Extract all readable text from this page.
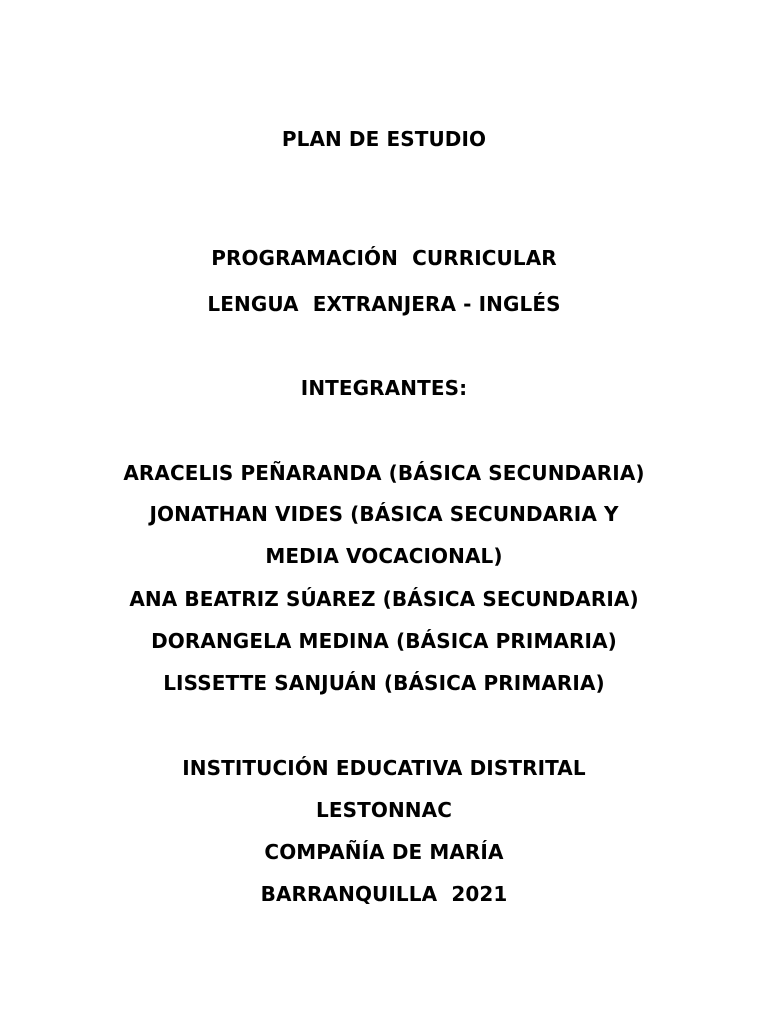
PLAN DE ESTUDIO
PROGRAMACIÓN  CURRICULAR
LENGUA  EXTRANJERA - INGLÉS
INTEGRANTES:
ARACELIS PEÑARANDA (BÁSICA SECUNDARIA)
JONATHAN VIDES (BÁSICA SECUNDARIA Y
MEDIA VOCACIONAL)
ANA BEATRIZ SÚAREZ (BÁSICA SECUNDARIA)
DORANGELA MEDINA (BÁSICA PRIMARIA)
LISSETTE SANJUÁN (BÁSICA PRIMARIA)
INSTITUCIÓN EDUCATIVA DISTRITAL
LESTONNAC
COMPAÑÍA DE MARÍA
BARRANQUILLA  2021
